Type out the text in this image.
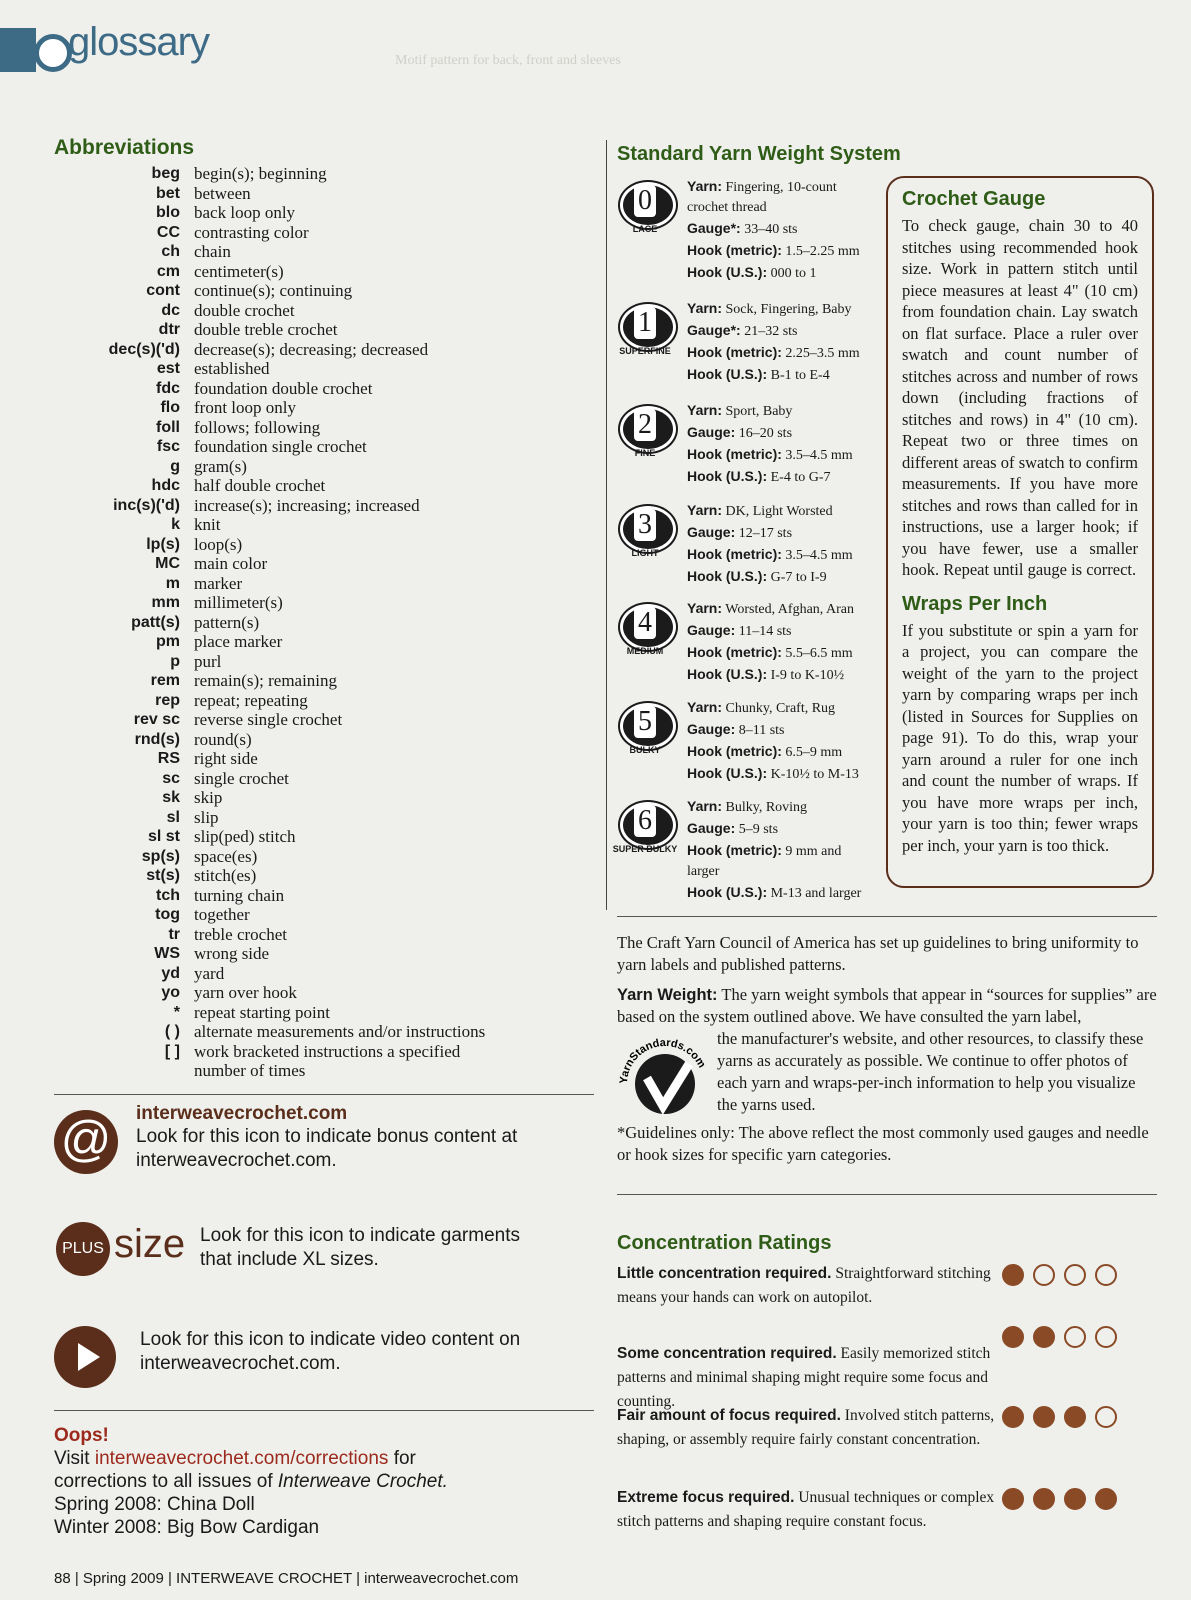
Motif pattern for back, front and sleeves
glossary
Abbreviations
beg begin(s); beginning
bet between
blo back loop only
CC contrasting color
ch chain
cm centimeter(s)
cont continue(s); continuing
dc double crochet
dtr double treble crochet
dec(s)('d) decrease(s); decreasing; decreased
est established
fdc foundation double crochet
flo front loop only
foll follows; following
fsc foundation single crochet
g gram(s)
hdc half double crochet
inc(s)('d) increase(s); increasing; increased
k knit
lp(s) loop(s)
MC main color
m marker
mm millimeter(s)
patt(s) pattern(s)
pm place marker
p purl
rem remain(s); remaining
rep repeat; repeating
rev sc reverse single crochet
rnd(s) round(s)
RS right side
sc single crochet
sk skip
sl slip
sl st slip(ped) stitch
sp(s) space(es)
st(s) stitch(es)
tch turning chain
tog together
tr treble crochet
WS wrong side
yd yard
yo yarn over hook
* repeat starting point
( ) alternate measurements and/or instructions
[ ] work bracketed instructions a specified
number of times
@	interweavecrochet.com
Look for this icon to indicate bonus content at
interweavecrochet.com.
PLUS size Look for this icon to indicate garments
that include XL sizes.
Look for this icon to indicate video content on
interweavecrochet.com.
Oops!
Visit interweavecrochet.com/corrections for
corrections to all issues of Interweave Crochet.
Spring 2008: China Doll
Winter 2008: Big Bow Cardigan
88 | Spring 2009 | INTERWEAVE CROCHET | interweavecrochet.com
Standard Yarn Weight System
0
LACE
Yarn: Fingering, 10-count
crochet thread
Gauge*: 33–40 sts
Hook (metric): 1.5–2.25 mm
Hook (U.S.): 000 to 1
1
SUPERFINE
Yarn: Sock, Fingering, Baby
Gauge*: 21–32 sts
Hook (metric): 2.25–3.5 mm
Hook (U.S.): B-1 to E-4
2
FINE
Yarn: Sport, Baby
Gauge: 16–20 sts
Hook (metric): 3.5–4.5 mm
Hook (U.S.): E-4 to G-7
3
LIGHT
Yarn: DK, Light Worsted
Gauge: 12–17 sts
Hook (metric): 3.5–4.5 mm
Hook (U.S.): G-7 to I-9
4
MEDIUM
Yarn: Worsted, Afghan, Aran
Gauge: 11–14 sts
Hook (metric): 5.5–6.5 mm
Hook (U.S.): I-9 to K-10½
5
BULKY
Yarn: Chunky, Craft, Rug
Gauge: 8–11 sts
Hook (metric): 6.5–9 mm
Hook (U.S.): K-10½ to M-13
6
SUPER BULKY
Yarn: Bulky, Roving
Gauge: 5–9 sts
Hook (metric): 9 mm and larger
Hook (U.S.): M-13 and larger
Crochet Gauge
To check gauge, chain 30 to 40 stitches using recommended hook size. Work in pattern stitch until piece measures at least 4" (10 cm) from foundation chain. Lay swatch on flat surface. Place a ruler over swatch and count number of stitches across and number of rows down (including fractions of stitches and rows) in 4" (10 cm). Repeat two or three times on different areas of swatch to confirm measurements. If you have more stitches and rows than called for in instructions, use a larger hook; if you have fewer, use a smaller hook. Repeat until gauge is correct.
Wraps Per Inch
If you substitute or spin a yarn for a project, you can compare the weight of the yarn to the project yarn by comparing wraps per inch (listed in Sources for Supplies on page 91). To do this, wrap your yarn around a ruler for one inch and count the number of wraps. If you have more wraps per inch, your yarn is too thin; fewer wraps per inch, your yarn is too thick.
The Craft Yarn Council of America has set up guidelines to bring uniformity to yarn labels and published patterns.
Yarn Weight: The yarn weight symbols that appear in “sources for supplies” are based on the system outlined above. We have consulted the yarn label,
YarnStandards.com
the manufacturer's website, and other resources, to classify these yarns as accurately as possible. We continue to offer photos of each yarn and wraps-per-inch information to help you visualize the yarns used.
*Guidelines only: The above reflect the most commonly used gauges and needle or hook sizes for specific yarn categories.
Concentration Ratings
Little concentration required. Straightforward stitching means your hands can work on autopilot.
Some concentration required. Easily memorized stitch patterns and minimal shaping might require some focus and counting.
Fair amount of focus required. Involved stitch patterns, shaping, or assembly require fairly constant concentration.
Extreme focus required. Unusual techniques or complex stitch patterns and shaping require constant focus.
